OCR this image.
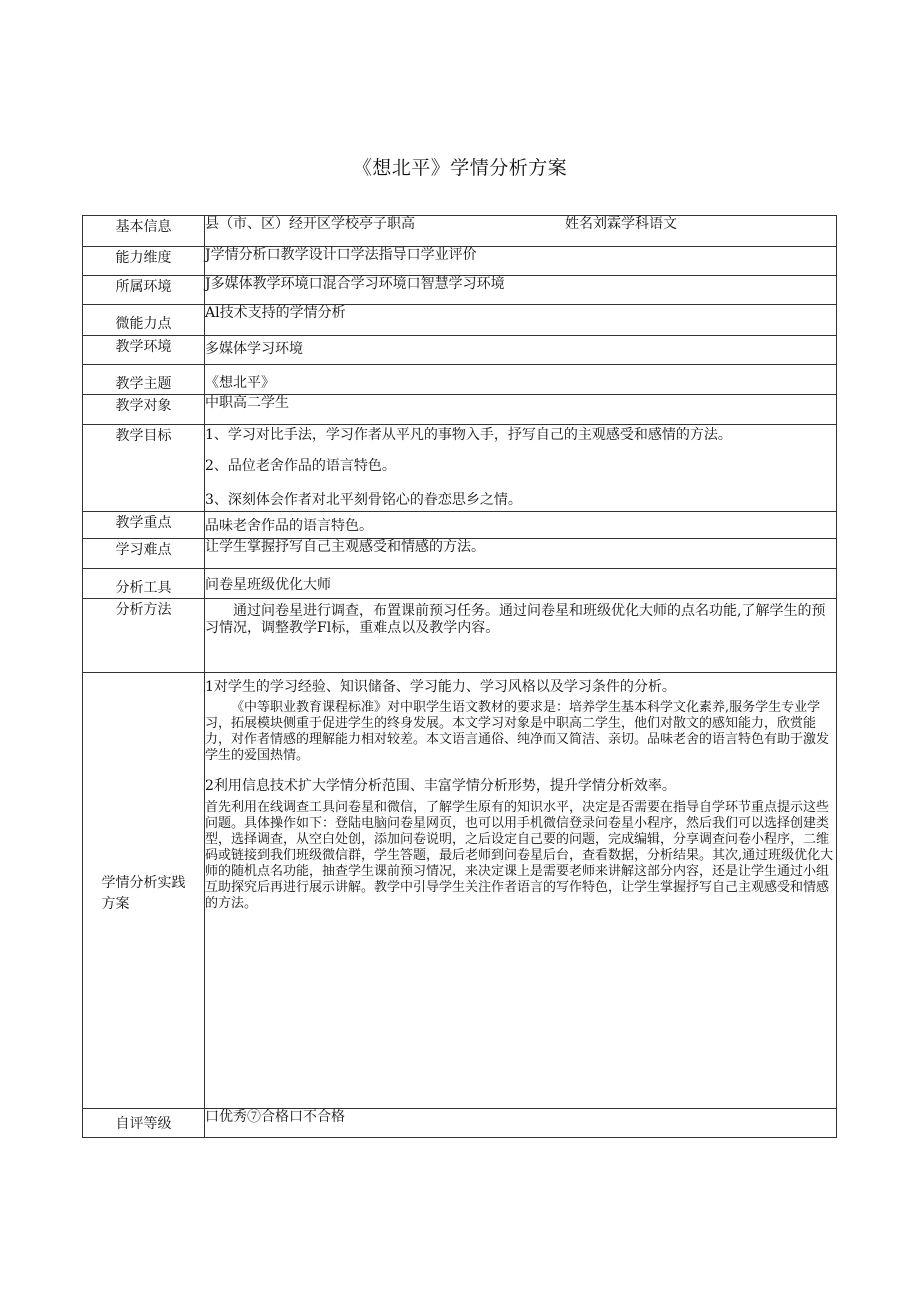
《想北平》学情分析方案
基本信息	县（市、区）经开区学校亭子职高 姓名刘霖学科语文
能力维度	J学情分析口教学设计口学法指导口学业评价
所属环境	J多媒体教学环境口混合学习环境口智慧学习环境
微能力点	Al技术支持的学情分析
教学环境	多媒体学习环境
教学主题	《想北平》
教学对象	中职高二学生
教学目标	1、学习对比手法，学习作者从平凡的事物入手，抒写自己的主观感受和感情的方法。

2、品位老舍作品的语言特色。

3、深刻体会作者对北平刻骨铭心的眷恋思乡之情。

教学重点	品味老舍作品的语言特色。
学习难点	让学生掌握抒写自己主观感受和情感的方法。
分析工具	问卷星班级优化大师
分析方法	通过问卷星进行调查，布置课前预习任务。通过问卷星和班级优化大师的点名功能,了解学生的预习情况，调整教学Fl标，重难点以及教学内容。

学情分析实践方案	1对学生的学习经验、知识储备、学习能力、学习风格以及学习条件的分析。

《中等职业教育课程标准》对中职学生语文教材的要求是：培养学生基本科学文化素养,服务学生专业学习，拓展模块侧重于促进学生的终身发展。本文学习对象是中职高二学生，他们对散文的感知能力，欣赏能力，对作者情感的理解能力相对较差。本文语言通俗、纯净而又简洁、亲切。品味老舍的语言特色有助于激发学生的爱国热情。

2利用信息技术扩大学情分析范围、丰富学情分析形势，提升学情分析效率。

首先利用在线调查工具问卷星和微信，了解学生原有的知识水平，决定是否需要在指导自学环节重点提示这些问题。具体操作如下：登陆电脑问卷星网页，也可以用手机微信登录问卷星小程序，然后我们可以选择创建类型，选择调查，从空白处创，添加问卷说明，之后设定自己要的问题，完成编辑，分享调查问卷小程序，二维码或链接到我们班级微信群，学生答题，最后老师到问卷星后台，查看数据，分析结果。其次,通过班级优化大师的随机点名功能，抽查学生课前预习情况，来决定课上是需要老师来讲解这部分内容，还是让学生通过小组互助探究后再进行展示讲解。教学中引导学生关注作者语言的写作特色，让学生掌握抒写自己主观感受和情感的方法。

自评等级	口优秀⑦合格口不合格
